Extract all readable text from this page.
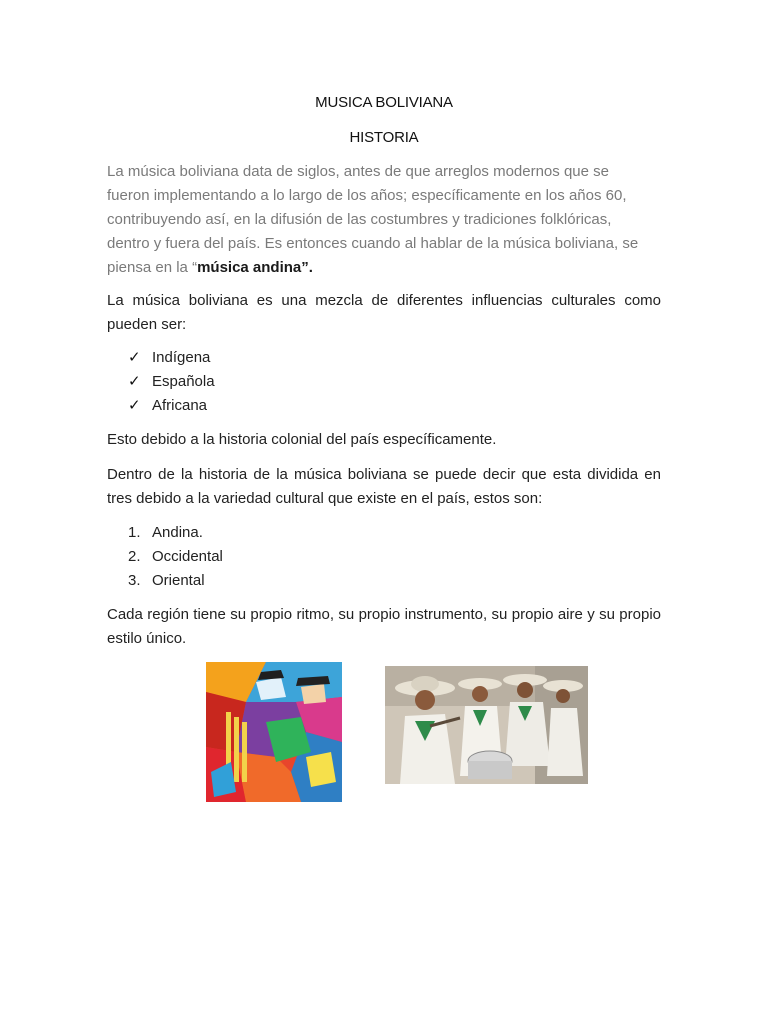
MUSICA BOLIVIANA
HISTORIA
La música boliviana data de siglos, antes de que arreglos modernos que se
fueron implementando a lo largo de los años; específicamente en los años 60,
contribuyendo así, en la difusión de las costumbres y tradiciones folklóricas,
dentro y fuera del país. Es entonces cuando al hablar de la música boliviana, se
piensa en la “música andina”.
La música boliviana es una mezcla de diferentes influencias culturales como pueden ser:
✓ Indígena
✓ Española
✓ Africana
Esto debido a la historia colonial del país específicamente.
Dentro de la historia de la música boliviana se puede decir que esta dividida en tres debido a la variedad cultural que existe en el país, estos son:
1. Andina.
2. Occidental
3. Oriental
Cada región tiene su propio ritmo, su propio instrumento, su propio aire y su propio estilo único.
